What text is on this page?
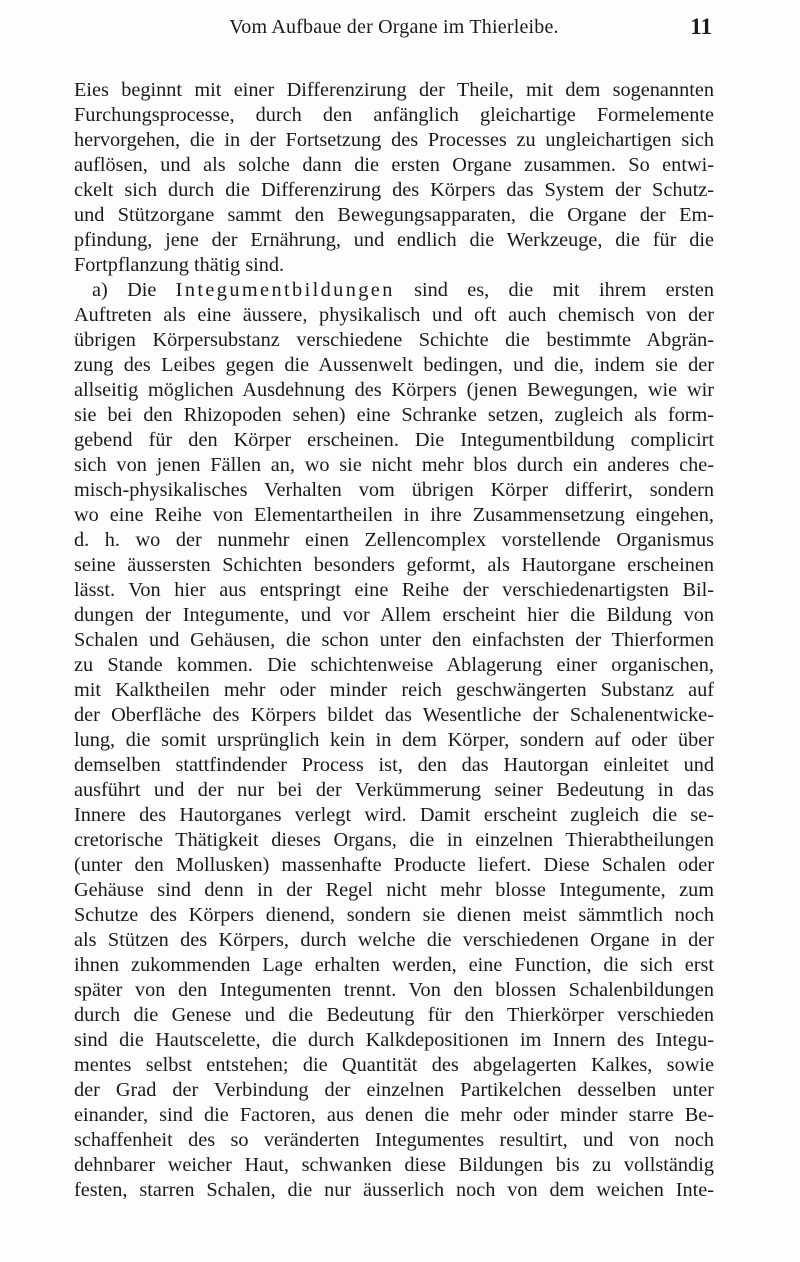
Vom Aufbaue der Organe im Thierleibe.	11
Eies beginnt mit einer Differenzirung der Theile, mit dem sogenannten
Furchungsprocesse, durch den anfänglich gleichartige Formelemente
hervorgehen, die in der Fortsetzung des Processes zu ungleichartigen sich
auflösen, und als solche dann die ersten Organe zusammen. So entwi-
ckelt sich durch die Differenzirung des Körpers das System der Schutz-
und Stützorgane sammt den Bewegungsapparaten, die Organe der Em-
pfindung, jene der Ernährung, und endlich die Werkzeuge, die für die
Fortpflanzung thätig sind.
a) Die Integumentbildungen sind es, die mit ihrem ersten
Auftreten als eine äussere, physikalisch und oft auch chemisch von der
übrigen Körpersubstanz verschiedene Schichte die bestimmte Abgrän-
zung des Leibes gegen die Aussenwelt bedingen, und die, indem sie der
allseitig möglichen Ausdehnung des Körpers (jenen Bewegungen, wie wir
sie bei den Rhizopoden sehen) eine Schranke setzen, zugleich als form-
gebend für den Körper erscheinen. Die Integumentbildung complicirt
sich von jenen Fällen an, wo sie nicht mehr blos durch ein anderes che-
misch-physikalisches Verhalten vom übrigen Körper differirt, sondern
wo eine Reihe von Elementartheilen in ihre Zusammensetzung eingehen,
d. h. wo der nunmehr einen Zellencomplex vorstellende Organismus
seine äussersten Schichten besonders geformt, als Hautorgane erscheinen
lässt. Von hier aus entspringt eine Reihe der verschiedenartigsten Bil-
dungen der Integumente, und vor Allem erscheint hier die Bildung von
Schalen und Gehäusen, die schon unter den einfachsten der Thierformen
zu Stande kommen. Die schichtenweise Ablagerung einer organischen,
mit Kalktheilen mehr oder minder reich geschwängerten Substanz auf
der Oberfläche des Körpers bildet das Wesentliche der Schalenentwicke-
lung, die somit ursprünglich kein in dem Körper, sondern auf oder über
demselben stattfindender Process ist, den das Hautorgan einleitet und
ausführt und der nur bei der Verkümmerung seiner Bedeutung in das
Innere des Hautorganes verlegt wird. Damit erscheint zugleich die se-
cretorische Thätigkeit dieses Organs, die in einzelnen Thierabtheilungen
(unter den Mollusken) massenhafte Producte liefert. Diese Schalen oder
Gehäuse sind denn in der Regel nicht mehr blosse Integumente, zum
Schutze des Körpers dienend, sondern sie dienen meist sämmtlich noch
als Stützen des Körpers, durch welche die verschiedenen Organe in der
ihnen zukommenden Lage erhalten werden, eine Function, die sich erst
später von den Integumenten trennt. Von den blossen Schalenbildungen
durch die Genese und die Bedeutung für den Thierkörper verschieden
sind die Hautscelette, die durch Kalkdepositionen im Innern des Integu-
mentes selbst entstehen; die Quantität des abgelagerten Kalkes, sowie
der Grad der Verbindung der einzelnen Partikelchen desselben unter
einander, sind die Factoren, aus denen die mehr oder minder starre Be-
schaffenheit des so veränderten Integumentes resultirt, und von noch
dehnbarer weicher Haut, schwanken diese Bildungen bis zu vollständig
festen, starren Schalen, die nur äusserlich noch von dem weichen Inte-
